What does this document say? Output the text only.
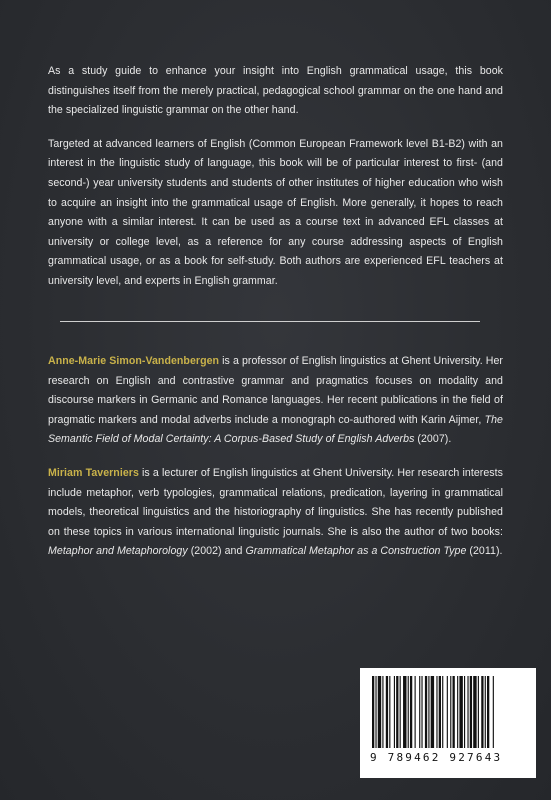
As a study guide to enhance your insight into English grammatical usage, this book distinguishes itself from the merely practical, pedagogical school grammar on the one hand and the specialized linguistic grammar on the other hand.

Targeted at advanced learners of English (Common European Framework level B1-B2) with an interest in the linguistic study of language, this book will be of particular interest to first- (and second-) year university students and students of other institutes of higher education who wish to acquire an insight into the grammatical usage of English. More generally, it hopes to reach anyone with a similar interest. It can be used as a course text in advanced EFL classes at university or college level, as a reference for any course addressing aspects of English grammatical usage, or as a book for self-study. Both authors are experienced EFL teachers at university level, and experts in English grammar.

Anne-Marie Simon-Vandenbergen is a professor of English linguistics at Ghent University. Her research on English and contrastive grammar and pragmatics focuses on modality and discourse markers in Germanic and Romance languages. Her recent publications in the field of pragmatic markers and modal adverbs include a monograph co-authored with Karin Aijmer, The Semantic Field of Modal Certainty: A Corpus-Based Study of English Adverbs (2007).

Miriam Taverniers is a lecturer of English linguistics at Ghent University. Her research interests include metaphor, verb typologies, grammatical relations, predication, layering in grammatical models, theoretical linguistics and the historiography of linguistics. She has recently published on these topics in various international linguistic journals. She is also the author of two books: Metaphor and Metaphorology (2002) and Grammatical Metaphor as a Construction Type (2011).

9 789462 927643
